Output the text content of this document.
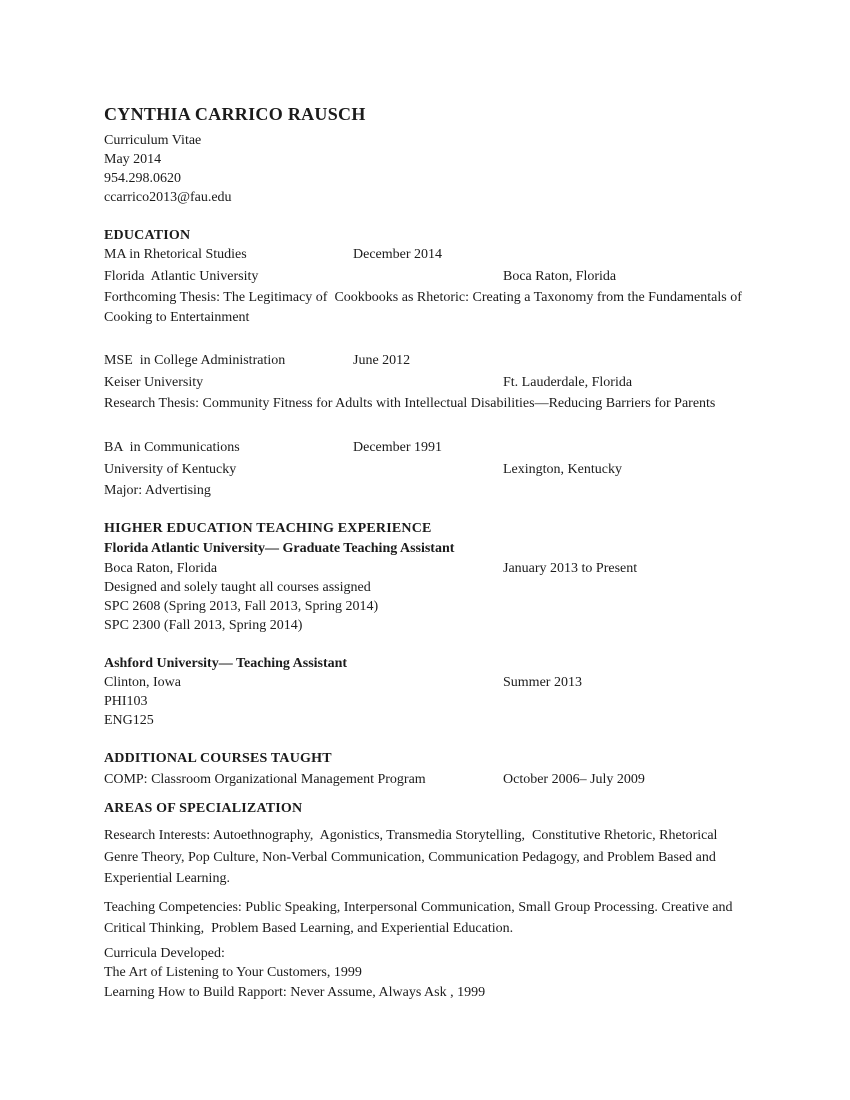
CYNTHIA CARRICO RAUSCH
Curriculum Vitae
May 2014
954.298.0620
ccarrico2013@fau.edu
EDUCATION
MA in Rhetorical Studies	December 2014
Florida  Atlantic University	Boca Raton, Florida

Forthcoming Thesis: The Legitimacy of  Cookbooks as Rhetoric: Creating a Taxonomy from the Fundamentals of Cooking to Entertainment

MSE  in College Administration	June 2012
Keiser University	Ft. Lauderdale, Florida

Research Thesis: Community Fitness for Adults with Intellectual Disabilities—Reducing Barriers for Parents

BA  in Communications	December 1991
University of Kentucky	Lexington, Kentucky

Major: Advertising

HIGHER EDUCATION TEACHING EXPERIENCE
Florida Atlantic University— Graduate Teaching Assistant
Boca Raton, Florida	January 2013 to Present
Designed and solely taught all courses assigned
SPC 2608 (Spring 2013, Fall 2013, Spring 2014)
SPC 2300 (Fall 2013, Spring 2014)
Ashford University— Teaching Assistant
Clinton, Iowa	Summer 2013
PHI103
ENG125
ADDITIONAL COURSES TAUGHT
COMP: Classroom Organizational Management Program	October 2006– July 2009
AREAS OF SPECIALIZATION

Research Interests: Autoethnography,  Agonistics, Transmedia Storytelling,  Constitutive Rhetoric, Rhetorical Genre Theory, Pop Culture, Non-Verbal Communication, Communication Pedagogy, and Problem Based and Experiential Learning.

Teaching Competencies: Public Speaking, Interpersonal Communication, Small Group Processing. Creative and Critical Thinking,  Problem Based Learning, and Experiential Education.

Curricula Developed:
The Art of Listening to Your Customers, 1999
Learning How to Build Rapport: Never Assume, Always Ask , 1999
